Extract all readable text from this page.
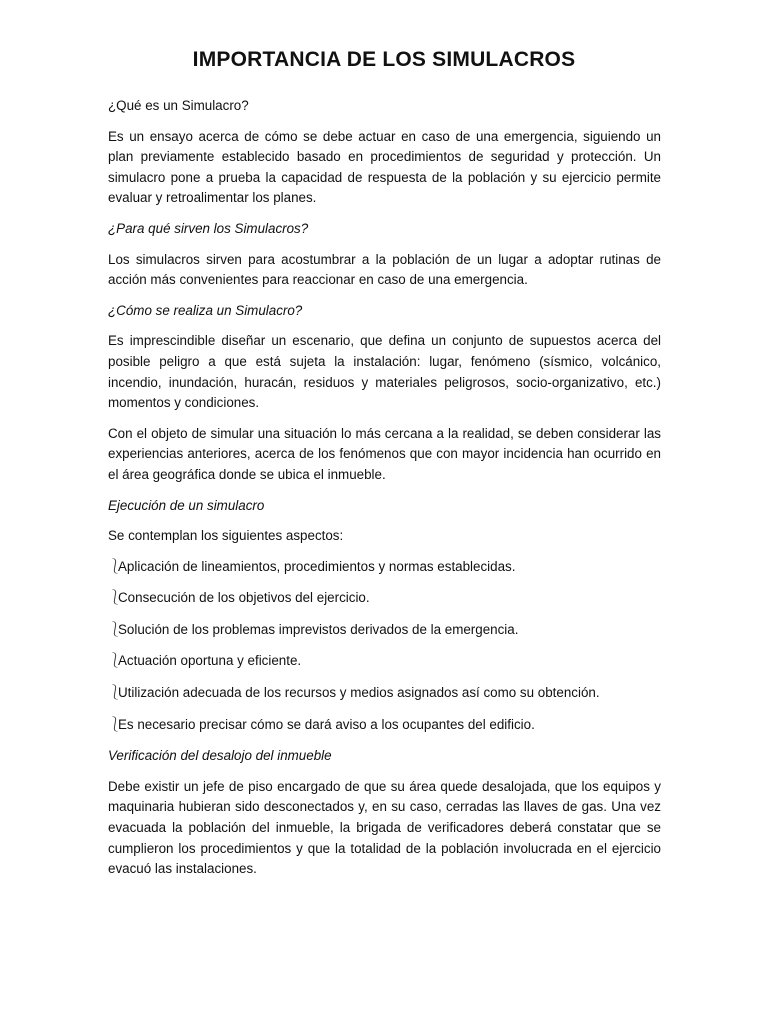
IMPORTANCIA DE LOS SIMULACROS
¿Qué es un Simulacro?

Es un ensayo acerca de cómo se debe actuar en caso de una emergencia, siguiendo un plan previamente establecido basado en procedimientos de seguridad y protección. Un simulacro pone a prueba la capacidad de respuesta de la población y su ejercicio permite evaluar y retroalimentar los planes.

¿Para qué sirven los Simulacros?

Los simulacros sirven para acostumbrar a la población de un lugar a adoptar rutinas de acción más convenientes para reaccionar en caso de una emergencia.

¿Cómo se realiza un Simulacro?

Es imprescindible diseñar un escenario, que defina un conjunto de supuestos acerca del posible peligro a que está sujeta la instalación: lugar, fenómeno (sísmico, volcánico, incendio, inundación, huracán, residuos y materiales peligrosos, socio-organizativo, etc.) momentos y condiciones.

Con el objeto de simular una situación lo más cercana a la realidad, se deben considerar las experiencias anteriores, acerca de los fenómenos que con mayor incidencia han ocurrido en el área geográfica donde se ubica el inmueble.

Ejecución de un simulacro

Se contemplan los siguientes aspectos:

⎱
Aplicación de lineamientos, procedimientos y normas establecidas.
⎱
Consecución de los objetivos del ejercicio.
⎱
Solución de los problemas imprevistos derivados de la emergencia.
⎱
Actuación oportuna y eficiente.
⎱
Utilización adecuada de los recursos y medios asignados así como su obtención.
⎱
Es necesario precisar cómo se dará aviso a los ocupantes del edificio.
Verificación del desalojo del inmueble

Debe existir un jefe de piso encargado de que su área quede desalojada, que los equipos y maquinaria hubieran sido desconectados y, en su caso, cerradas las llaves de gas. Una vez evacuada la población del inmueble, la brigada de verificadores deberá constatar que se cumplieron los procedimientos y que la totalidad de la población involucrada en el ejercicio evacuó las instalaciones.
